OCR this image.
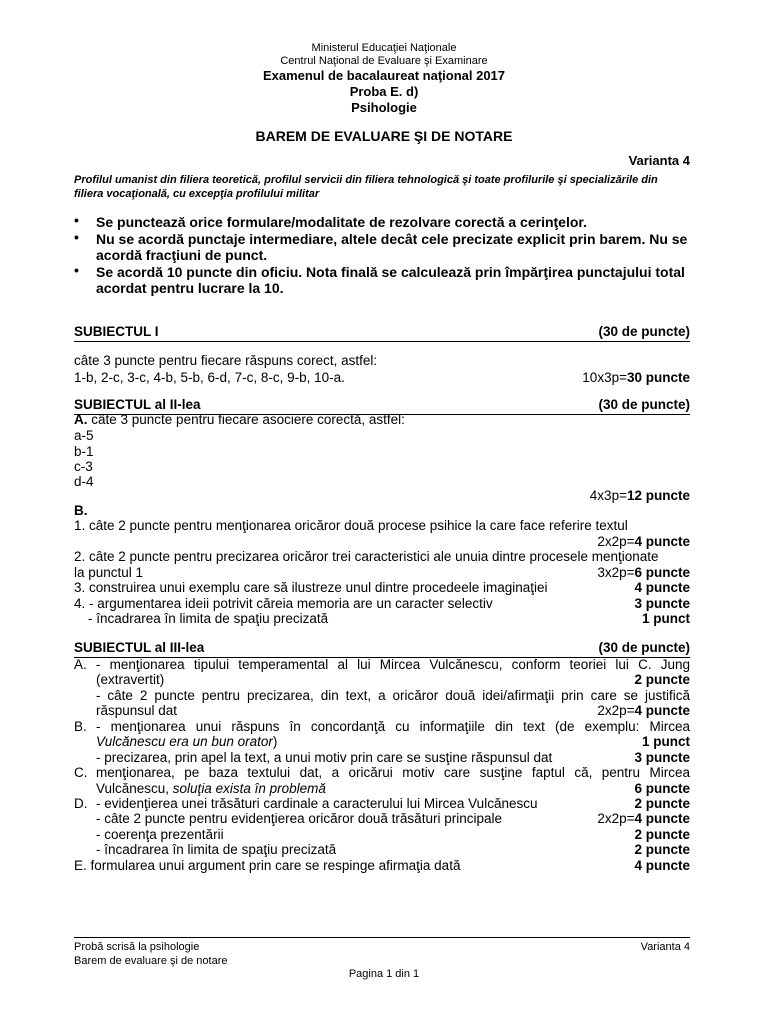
Ministerul Educaţiei Naţionale
Centrul Naţional de Evaluare şi Examinare
Examenul de bacalaureat naţional 2017
Proba E. d)
Psihologie
BAREM DE EVALUARE ŞI DE NOTARE
Varianta 4
Profilul umanist din filiera teoretică, profilul servicii din filiera tehnologică şi toate profilurile şi specializările din
filiera vocaţională, cu excepţia profilului militar
• Se punctează orice formulare/modalitate de rezolvare corectă a cerinţelor.
• Nu se acordă punctaje intermediare, altele decât cele precizate explicit prin barem. Nu se
acordă fracţiuni de punct.
• Se acordă 10 puncte din oficiu. Nota finală se calculează prin împărţirea punctajului total
acordat pentru lucrare la 10.
SUBIECTUL I	(30 de puncte)
câte 3 puncte pentru fiecare răspuns corect, astfel:
1-b, 2-c, 3-c, 4-b, 5-b, 6-d, 7-c, 8-c, 9-b, 10-a.	10x3p=30 puncte
SUBIECTUL al II-lea	(30 de puncte)
A. câte 3 puncte pentru fiecare asociere corectă, astfel:
a-5
b-1
c-3
d-4
4x3p=12 puncte
B.
1. câte 2 puncte pentru menţionarea oricăror două procese psihice la care face referire textul
2x2p=4 puncte
2. câte 2 puncte pentru precizarea oricăror trei caracteristici ale unuia dintre procesele menţionate
la punctul 1	3x2p=6 puncte
3. construirea unui exemplu care să ilustreze unul dintre procedeele imaginaţiei	4 puncte
4. - argumentarea ideii potrivit căreia memoria are un caracter selectiv	3 puncte
- încadrarea în limita de spaţiu precizată	1 punct
SUBIECTUL al III-lea	(30 de puncte)
A. - menţionarea tipului temperamental al lui Mircea Vulcănescu, conform teoriei lui C. Jung
(extravertit)	2 puncte
- câte 2 puncte pentru precizarea, din text, a oricăror două idei/afirmaţii prin care se justifică
răspunsul dat	2x2p=4 puncte
B. - menţionarea unui răspuns în concordanţă cu informaţiile din text (de exemplu: Mircea
Vulcănescu era un bun orator)	1 punct
- precizarea, prin apel la text, a unui motiv prin care se susţine răspunsul dat	3 puncte
C. menţionarea, pe baza textului dat, a oricărui motiv care susţine faptul că, pentru Mircea
Vulcănescu, soluţia exista în problemă	6 puncte
D. - evidenţierea unei trăsături cardinale a caracterului lui Mircea Vulcănescu	2 puncte
- câte 2 puncte pentru evidenţierea oricăror două trăsături principale	2x2p=4 puncte
- coerenţa prezentării	2 puncte
- încadrarea în limita de spaţiu precizată	2 puncte
E. formularea unui argument prin care se respinge afirmaţia dată	4 puncte
Probă scrisă la psihologie
Barem de evaluare şi de notare
Varianta 4
Pagina 1 din 1
